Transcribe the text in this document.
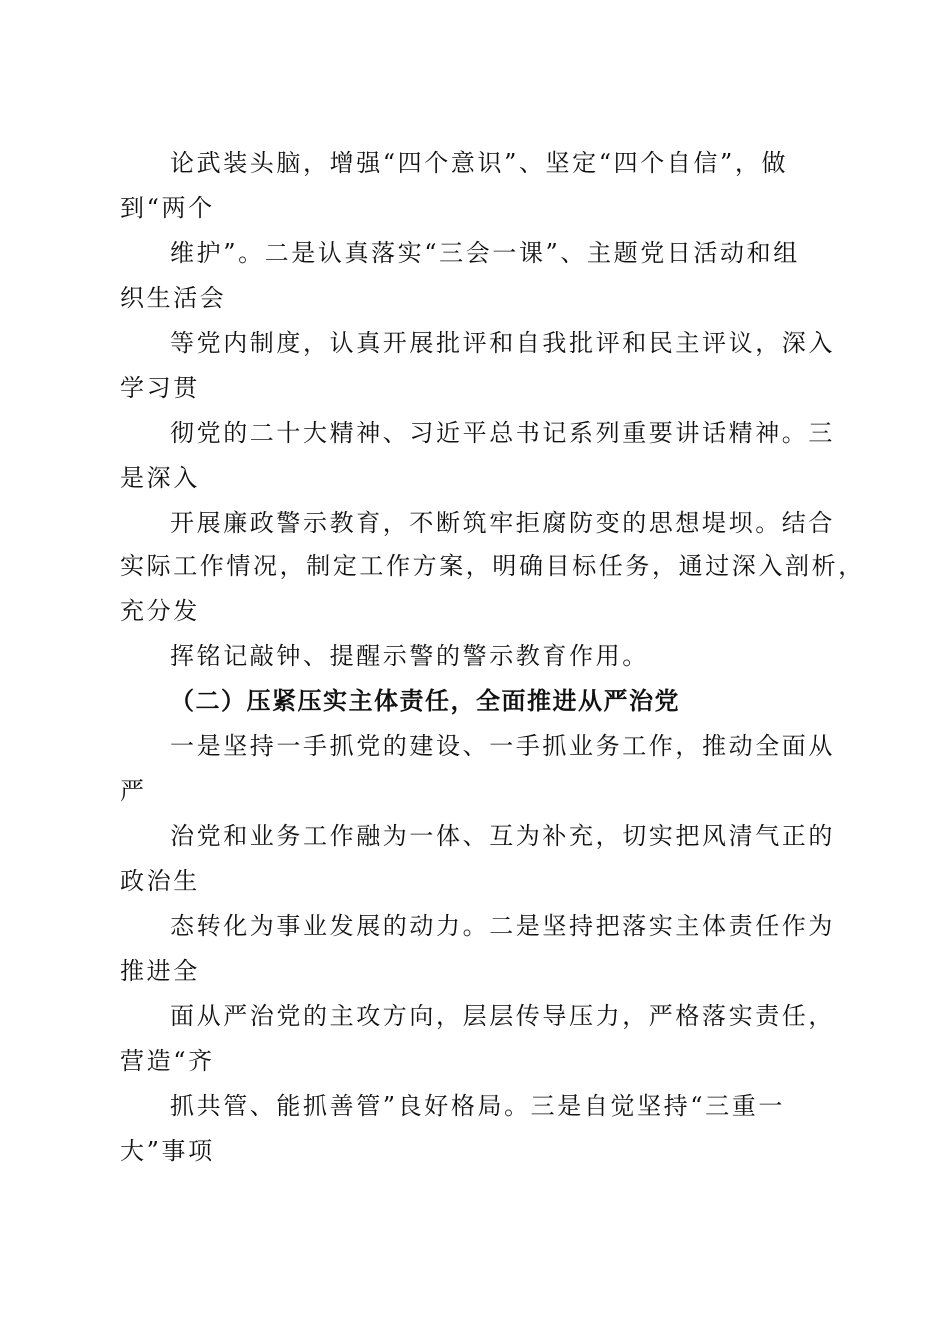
论武装头脑，增强“四个意识”、坚定“四个自信”，做
到“两个
维护”。二是认真落实“三会一课”、主题党日活动和组
织生活会
等党内制度，认真开展批评和自我批评和民主评议，深入
学习贯
彻党的二十大精神、习近平总书记系列重要讲话精神。三
是深入
开展廉政警示教育，不断筑牢拒腐防变的思想堤坝。结合
实际工作情况，制定工作方案，明确目标任务，通过深入剖析，
充分发
挥铭记敲钟、提醒示警的警示教育作用。
（二）压紧压实主体责任，全面推进从严治党
一是坚持一手抓党的建设、一手抓业务工作，推动全面从
严
治党和业务工作融为一体、互为补充，切实把风清气正的
政治生
态转化为事业发展的动力。二是坚持把落实主体责任作为
推进全
面从严治党的主攻方向，层层传导压力，严格落实责任，
营造“齐
抓共管、能抓善管”良好格局。三是自觉坚持“三重一
大”事项
